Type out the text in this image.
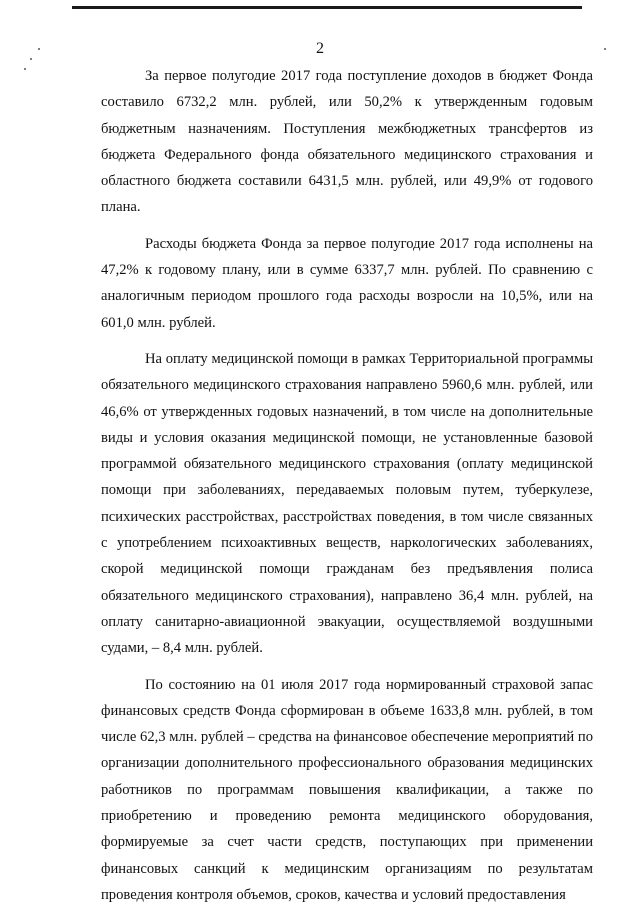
2

За первое полугодие 2017 года поступление доходов в бюджет Фонда составило 6732,2 млн. рублей, или 50,2% к утвержденным годовым бюджетным назначениям. Поступления межбюджетных трансфертов из бюджета Федерального фонда обязательного медицинского страхования и областного бюджета составили 6431,5 млн. рублей, или 49,9% от годового плана.

Расходы бюджета Фонда за первое полугодие 2017 года исполнены на 47,2% к годовому плану, или в сумме 6337,7 млн. рублей. По сравнению с аналогичным периодом прошлого года расходы возросли на 10,5%, или на 601,0 млн. рублей.

На оплату медицинской помощи в рамках Территориальной программы обязательного медицинского страхования направлено 5960,6 млн. рублей, или 46,6% от утвержденных годовых назначений, в том числе на дополнительные виды и условия оказания медицинской помощи, не установленные базовой программой обязательного медицинского страхования (оплату медицинской помощи при заболеваниях, передаваемых половым путем, туберкулезе, психических расстройствах, расстройствах поведения, в том числе связанных с употреблением психоактивных веществ, наркологических заболеваниях, скорой медицинской помощи гражданам без предъявления полиса обязательного медицинского страхования), направлено 36,4 млн. рублей, на оплату санитарно-авиационной эвакуации, осуществляемой воздушными судами, – 8,4 млн. рублей.

По состоянию на 01 июля 2017 года нормированный страховой запас финансовых средств Фонда сформирован в объеме 1633,8 млн. рублей, в том числе 62,3 млн. рублей – средства на финансовое обеспечение мероприятий по организации дополнительного профессионального образования медицинских работников по программам повышения квалификации, а также по приобретению и проведению ремонта медицинского оборудования, формируемые за счет части средств, поступающих при применении финансовых санкций к медицинским организациям по результатам проведения контроля объемов, сроков, качества и условий предоставления
